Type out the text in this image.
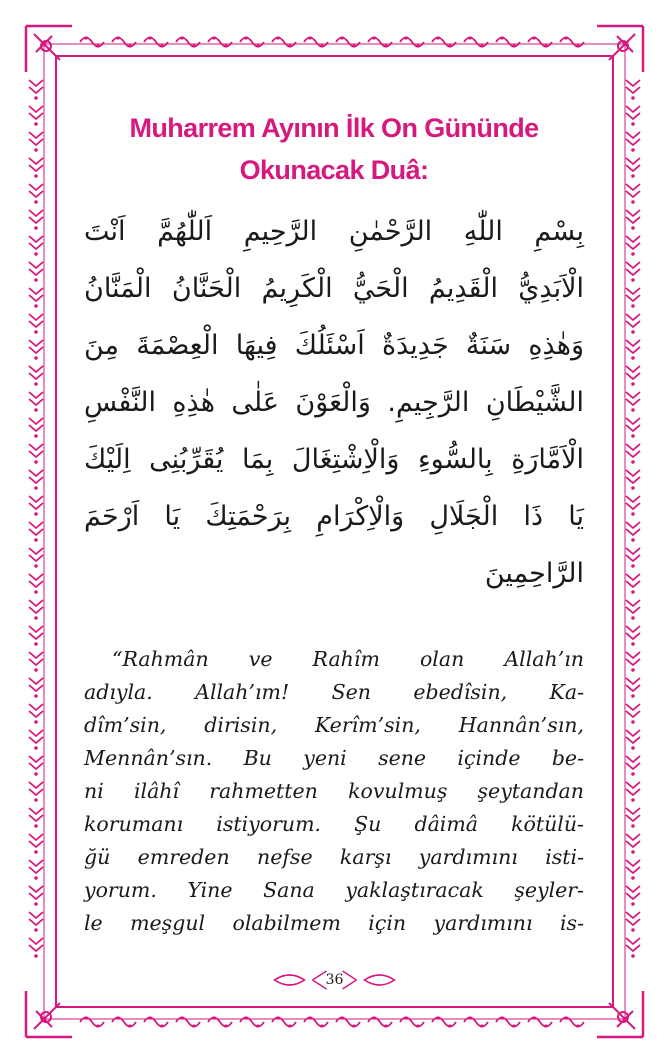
Muharrem Ayının İlk On Gününde
Okunacak Duâ:
بِسْمِ اللّٰهِ الرَّحْمٰنِ الرَّحِيمِ اَللّٰهُمَّ اَنْتَ
الْاَبَدِيُّ الْقَدِيمُ الْحَيُّ الْكَرِيمُ الْحَنَّانُ الْمَنَّانُ
وَهٰذِهِ سَنَةٌ جَدِيدَةٌ اَسْئَلُكَ فِيهَا الْعِصْمَةَ مِنَ
الشَّيْطَانِ الرَّجِيمِ. وَالْعَوْنَ عَلٰى هٰذِهِ النَّفْسِ
الْاَمَّارَةِ بِالسُّوءِ وَالْاِشْتِغَالَ بِمَا يُقَرِّبُنِى اِلَيْكَ
يَا ذَا الْجَلَالِ وَالْاِكْرَامِ بِرَحْمَتِكَ يَا اَرْحَمَ
الرَّاحِمِينَ
“Rahmân ve Rahîm olan Allah’ın
adıyla. Allah’ım! Sen ebedîsin, Ka-
dîm’sin, dirisin, Kerîm’sin, Hannân’sın,
Mennân’sın. Bu yeni sene içinde be-
ni ilâhî rahmetten kovulmuş şeytandan
korumanı istiyorum. Şu dâimâ kötülü-
ğü emreden nefse karşı yardımını isti-
yorum. Yine Sana yaklaştıracak şeyler-
le meşgul olabilmem için yardımını is-
36
